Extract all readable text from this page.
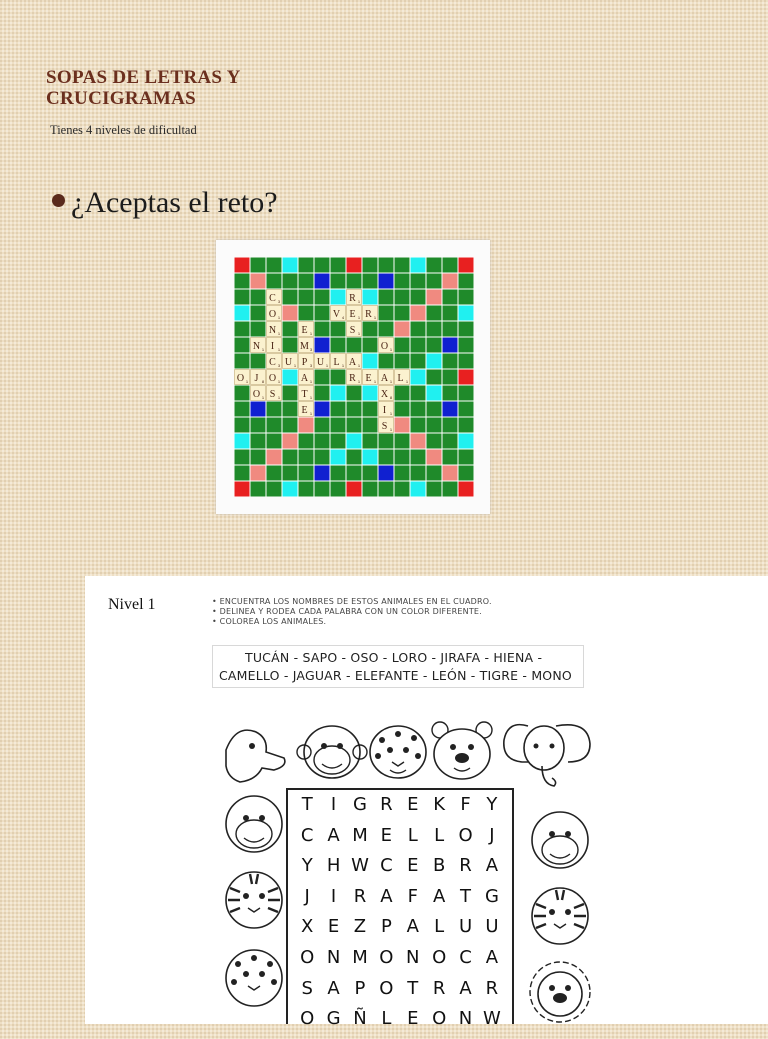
SOPAS DE LETRAS Y CRUCIGRAMAS
Tienes 4 niveles de dificultad
¿Aceptas el reto?
C 3
O 1
N 1
I 1
C 3 U 1 P 3 U 1 L 1 A 1
N 1
O 1 S 1
O 1 J 8 O 1
E 1
M 3
A 1
T 1
E 1
R 1
V 4 E 1 R 1
S 1
O 1
R 1 E 1 A 1 L 1
X 8
I 1
S 1
Nivel 1	• ENCUENTRA LOS NOMBRES DE ESTOS ANIMALES EN EL CUADRO.
• DELINEA Y RODEA CADA PALABRA CON UN COLOR DIFERENTE.
• COLOREA LOS ANIMALES.
TUCÁN - SAPO - OSO - LORO - JIRAFA - HIENA -
CAMELLO - JAGUAR - ELEFANTE - LEÓN - TIGRE - MONO
T	I G R E K F Y
C A M E L L O J
Y H W C E B R A
J	I R A F A T G
X E Z P A L U U
O N M O N O C A
S A P O T R A R
O G Ñ L E O N W
